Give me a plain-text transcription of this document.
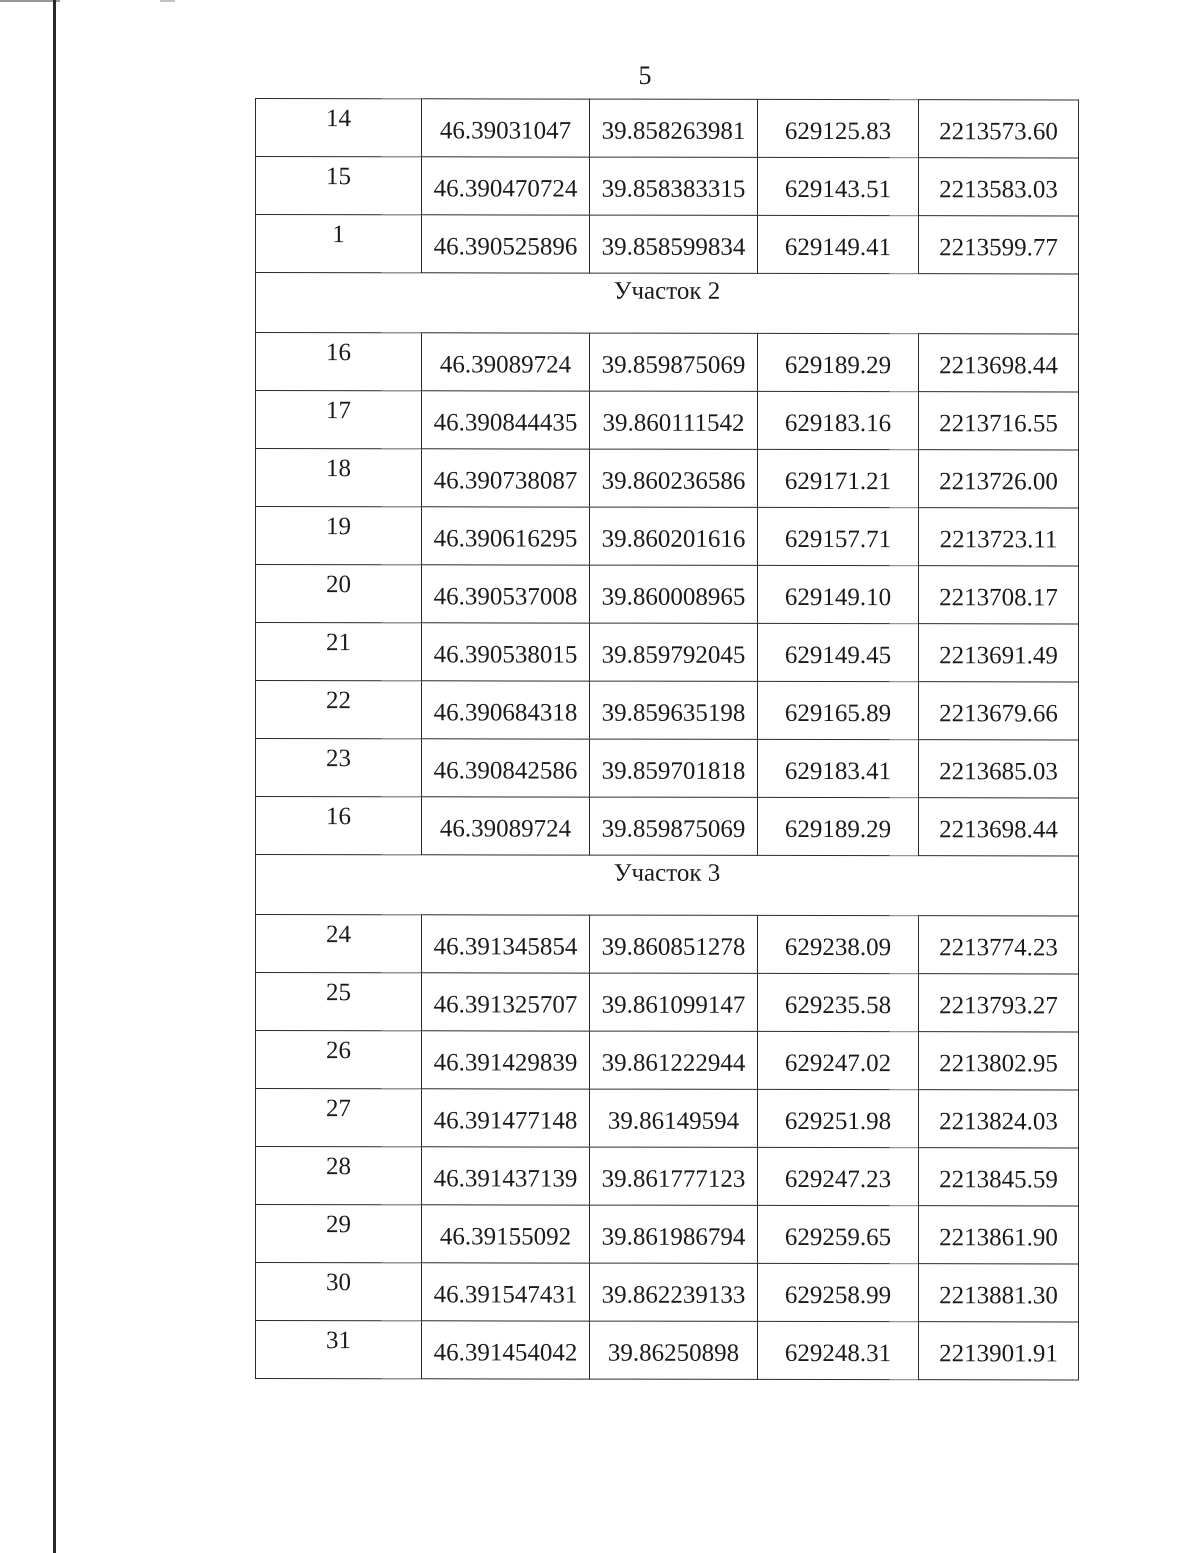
5
14	46.39031047	39.858263981	629125.83	2213573.60
15	46.390470724	39.858383315	629143.51	2213583.03
1	46.390525896	39.858599834	629149.41	2213599.77
Участок 2				
16	46.39089724	39.859875069	629189.29	2213698.44
17	46.390844435	39.860111542	629183.16	2213716.55
18	46.390738087	39.860236586	629171.21	2213726.00
19	46.390616295	39.860201616	629157.71	2213723.11
20	46.390537008	39.860008965	629149.10	2213708.17
21	46.390538015	39.859792045	629149.45	2213691.49
22	46.390684318	39.859635198	629165.89	2213679.66
23	46.390842586	39.859701818	629183.41	2213685.03
16	46.39089724	39.859875069	629189.29	2213698.44
Участок 3				
24	46.391345854	39.860851278	629238.09	2213774.23
25	46.391325707	39.861099147	629235.58	2213793.27
26	46.391429839	39.861222944	629247.02	2213802.95
27	46.391477148	39.86149594	629251.98	2213824.03
28	46.391437139	39.861777123	629247.23	2213845.59
29	46.39155092	39.861986794	629259.65	2213861.90
30	46.391547431	39.862239133	629258.99	2213881.30
31	46.391454042	39.86250898	629248.31	2213901.91
